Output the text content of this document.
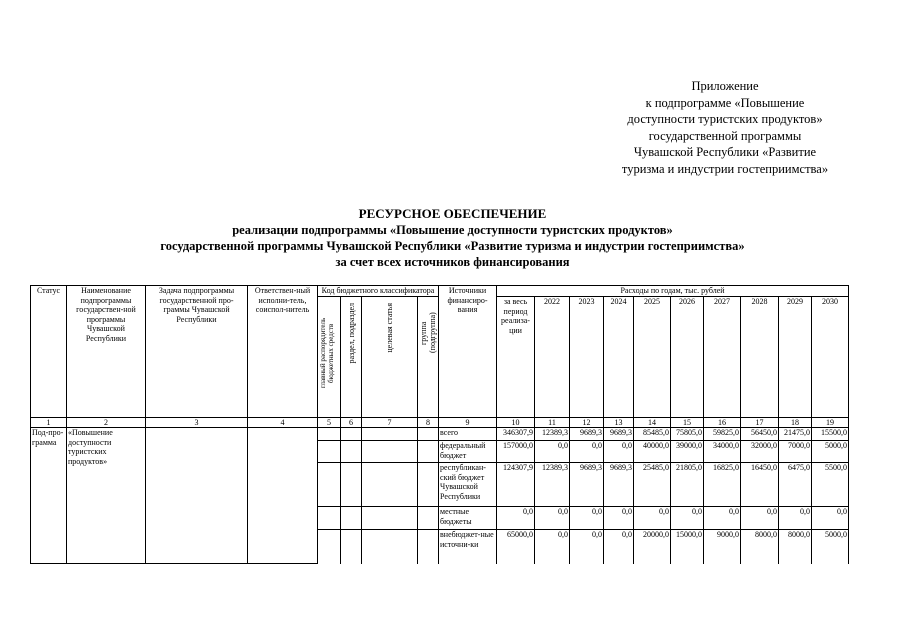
Приложение
к подпрограмме «Повышение
доступности туристских продуктов»
государственной программы
Чувашской Республики «Развитие
туризма и индустрии гостеприимства»
РЕСУРСНОЕ ОБЕСПЕЧЕНИЕ
реализации подпрограммы «Повышение доступности туристских продуктов»
государственной программы Чувашской Республики «Развитие туризма и индустрии гостеприимства»
за счет всех источников финансирования
Статус	Наименование подпрограммы государствен-ной программы Чувашской Республики	Задача подпрограммы государственной про-граммы Чувашской Республики	Ответствен-ный исполни-тель, соиспол-нитель	Код бюджетного классификатора				Источники финансиро-вания	Расходы по годам, тыс. рублей									
				главный распорядитель бюджетных средств	раздел, подраздел	целевая статья	группа (подгруппа)		за весь период реализа-ции	2022	2023	2024	2025	2026	2027	2028	2029	2030
1	2	3	4	5	6	7	8	9	10	11	12	13	14	15	16	17	18	19
Под-про-грамма	«Повышение доступности туристских продуктов»							всего	346307,9	12389,3	9689,3	9689,3	85485,0	75805,0	59825,0	56450,0	21475,0	15500,0
								федеральный бюджет	157000,0	0,0	0,0	0,0	40000,0	39000,0	34000,0	32000,0	7000,0	5000,0
								республикан-ский бюджет Чувашской Республики	124307,9	12389,3	9689,3	9689,3	25485,0	21805,0	16825,0	16450,0	6475,0	5500,0
								местные бюджеты	0,0	0,0	0,0	0,0	0,0	0,0	0,0	0,0	0,0	0,0
								внебюджет-ные источни-ки	65000,0	0,0	0,0	0,0	20000,0	15000,0	9000,0	8000,0	8000,0	5000,0
